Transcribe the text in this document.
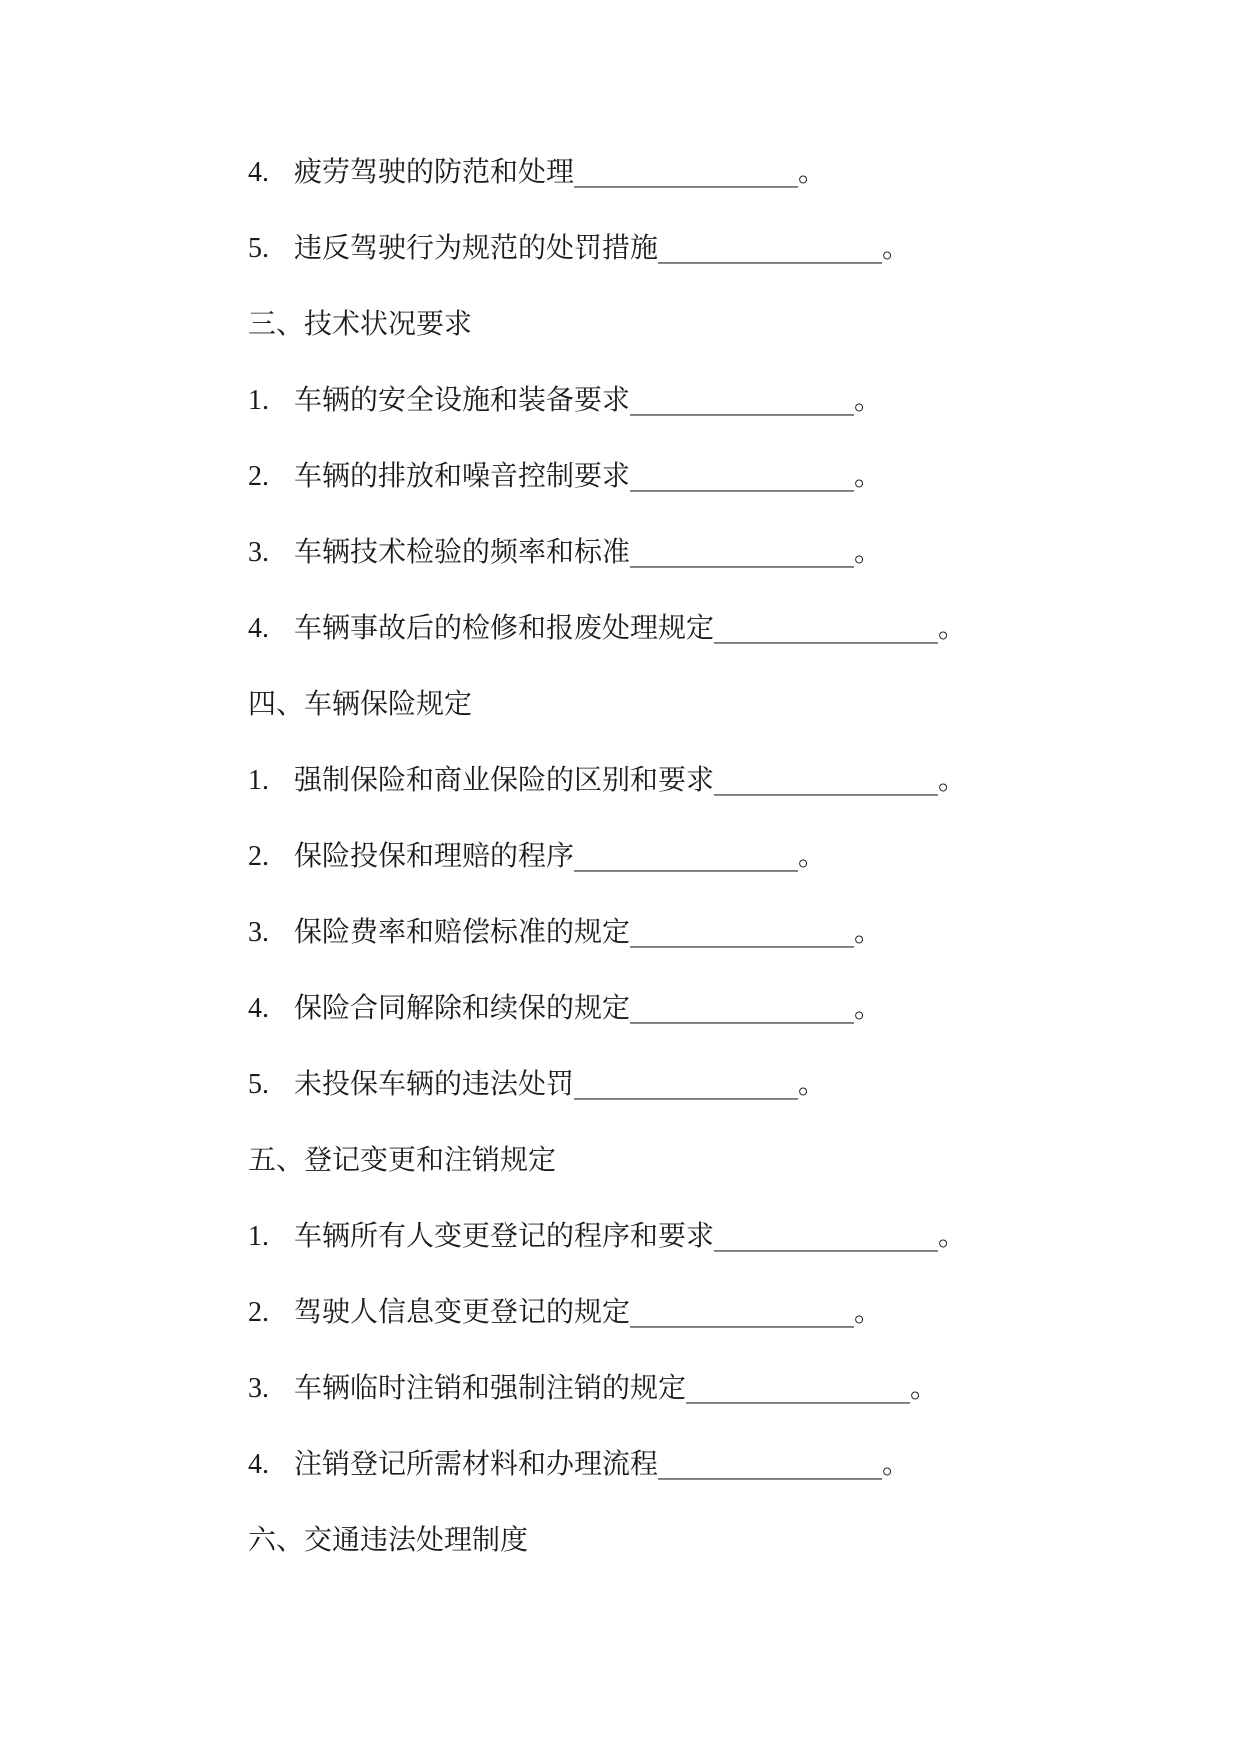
4. 疲劳驾驶的防范和处理________________。
5. 违反驾驶行为规范的处罚措施________________。
三、技术状况要求
1. 车辆的安全设施和装备要求________________。
2. 车辆的排放和噪音控制要求________________。
3. 车辆技术检验的频率和标准________________。
4. 车辆事故后的检修和报废处理规定________________。
四、车辆保险规定
1. 强制保险和商业保险的区别和要求________________。
2. 保险投保和理赔的程序________________。
3. 保险费率和赔偿标准的规定________________。
4. 保险合同解除和续保的规定________________。
5. 未投保车辆的违法处罚________________。
五、登记变更和注销规定
1. 车辆所有人变更登记的程序和要求________________。
2. 驾驶人信息变更登记的规定________________。
3. 车辆临时注销和强制注销的规定________________。
4. 注销登记所需材料和办理流程________________。
六、交通违法处理制度
